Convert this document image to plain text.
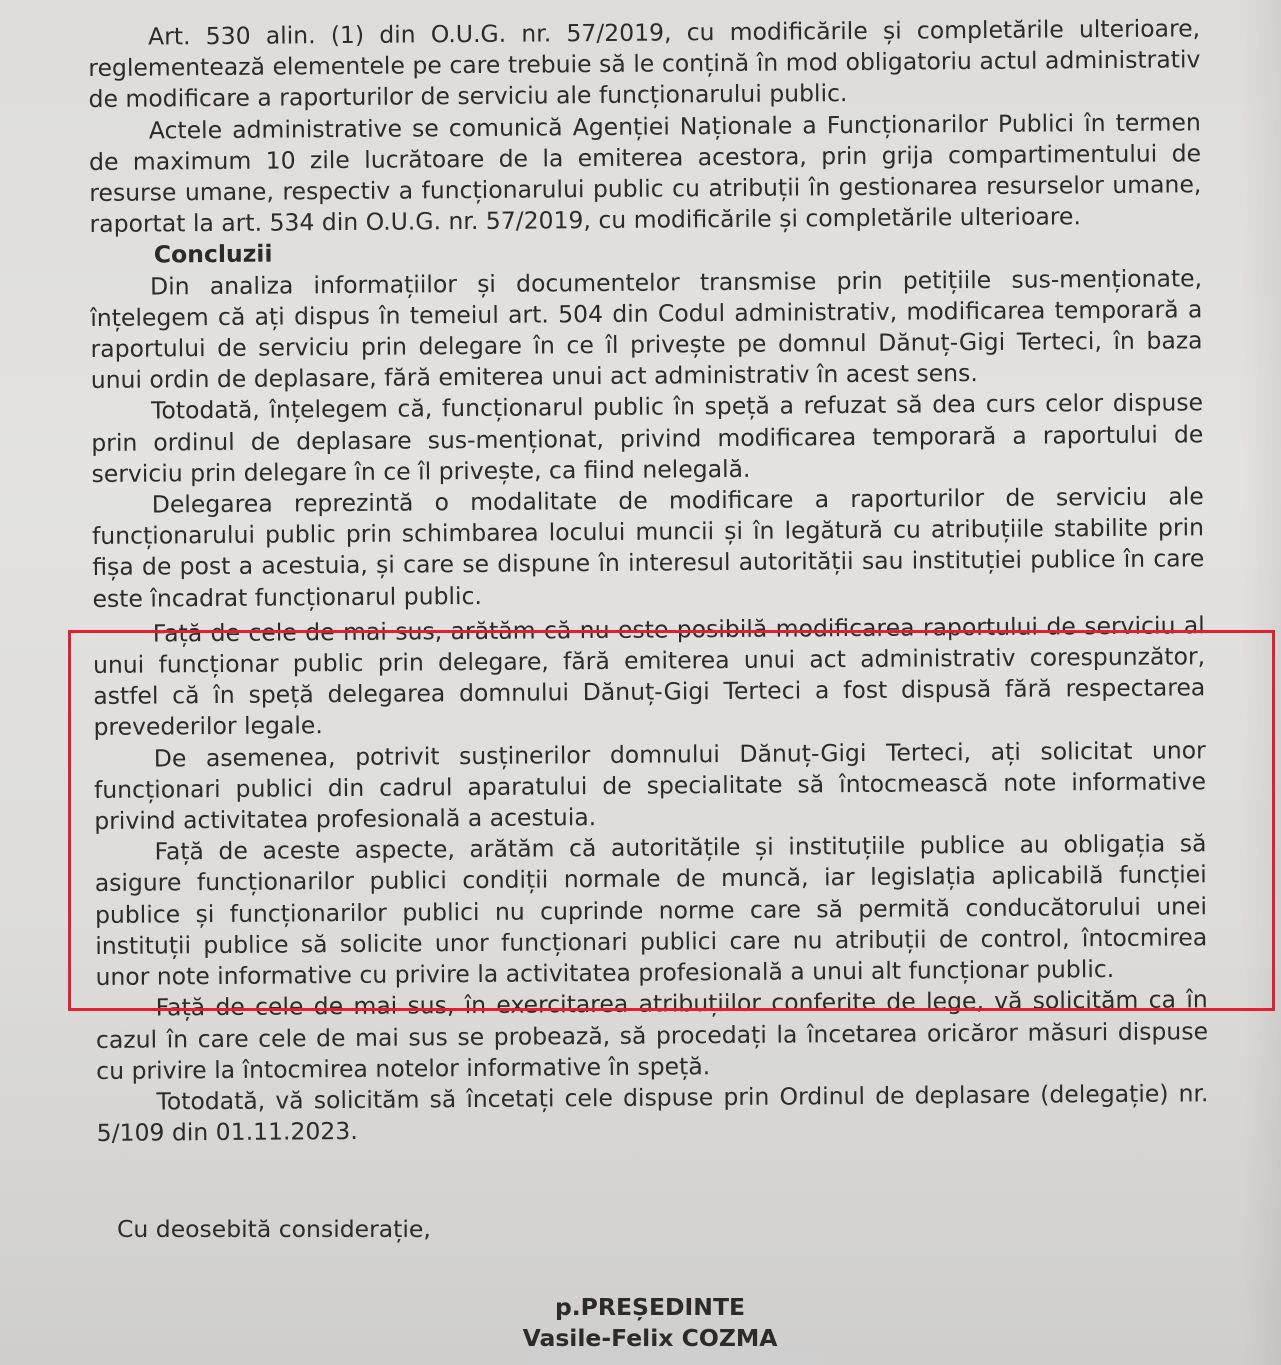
Art. 530 alin. (1) din O.U.G. nr. 57/2019, cu modificările și completările ulterioare, reglementează elementele pe care trebuie să le conțină în mod obligatoriu actul administrativ de modificare a raporturilor de serviciu ale funcționarului public.

Actele administrative se comunică Agenției Naționale a Funcționarilor Publici în termen de maximum 10 zile lucrătoare de la emiterea acestora, prin grija compartimentului de resurse umane, respectiv a funcționarului public cu atribuții în gestionarea resurselor umane, raportat la art. 534 din O.U.G. nr. 57/2019, cu modificările și completările ulterioare.

Concluzii

Din analiza informațiilor și documentelor transmise prin petițiile sus-menționate, înțelegem că ați dispus în temeiul art. 504 din Codul administrativ, modificarea temporară a raportului de serviciu prin delegare în ce îl privește pe domnul Dănuț-Gigi Terteci, în baza unui ordin de deplasare, fără emiterea unui act administrativ în acest sens.

Totodată, înțelegem că, funcționarul public în speță a refuzat să dea curs celor dispuse prin ordinul de deplasare sus-menționat, privind modificarea temporară a raportului de serviciu prin delegare în ce îl privește, ca fiind nelegală.

Delegarea reprezintă o modalitate de modificare a raporturilor de serviciu ale funcționarului public prin schimbarea locului muncii și în legătură cu atribuțiile stabilite prin fișa de post a acestuia, și care se dispune în interesul autorității sau instituției publice în care este încadrat funcționarul public.

Față de cele de mai sus, arătăm că nu este posibilă modificarea raportului de serviciu al unui funcționar public prin delegare, fără emiterea unui act administrativ corespunzător, astfel că în speță delegarea domnului Dănuț-Gigi Terteci a fost dispusă fără respectarea prevederilor legale.

De asemenea, potrivit susținerilor domnului Dănuț-Gigi Terteci, ați solicitat unor funcționari publici din cadrul aparatului de specialitate să întocmească note informative privind activitatea profesională a acestuia.

Față de aceste aspecte, arătăm că autoritățile și instituțiile publice au obligația să asigure funcționarilor publici condiții normale de muncă, iar legislația aplicabilă funcției publice și funcționarilor publici nu cuprinde norme care să permită conducătorului unei instituții publice să solicite unor funcționari publici care nu atribuții de control, întocmirea unor note informative cu privire la activitatea profesională a unui alt funcționar public.

Față de cele de mai sus, în exercitarea atribuțiilor conferite de lege, vă solicităm ca în cazul în care cele de mai sus se probează, să procedați la încetarea oricăror măsuri dispuse cu privire la întocmirea notelor informative în speță.

Totodată, vă solicităm să încetați cele dispuse prin Ordinul de deplasare (delegație) nr. 5/109 din 01.11.2023.

Cu deosebită considerație,
p.PREȘEDINTE
Vasile-Felix COZMA
